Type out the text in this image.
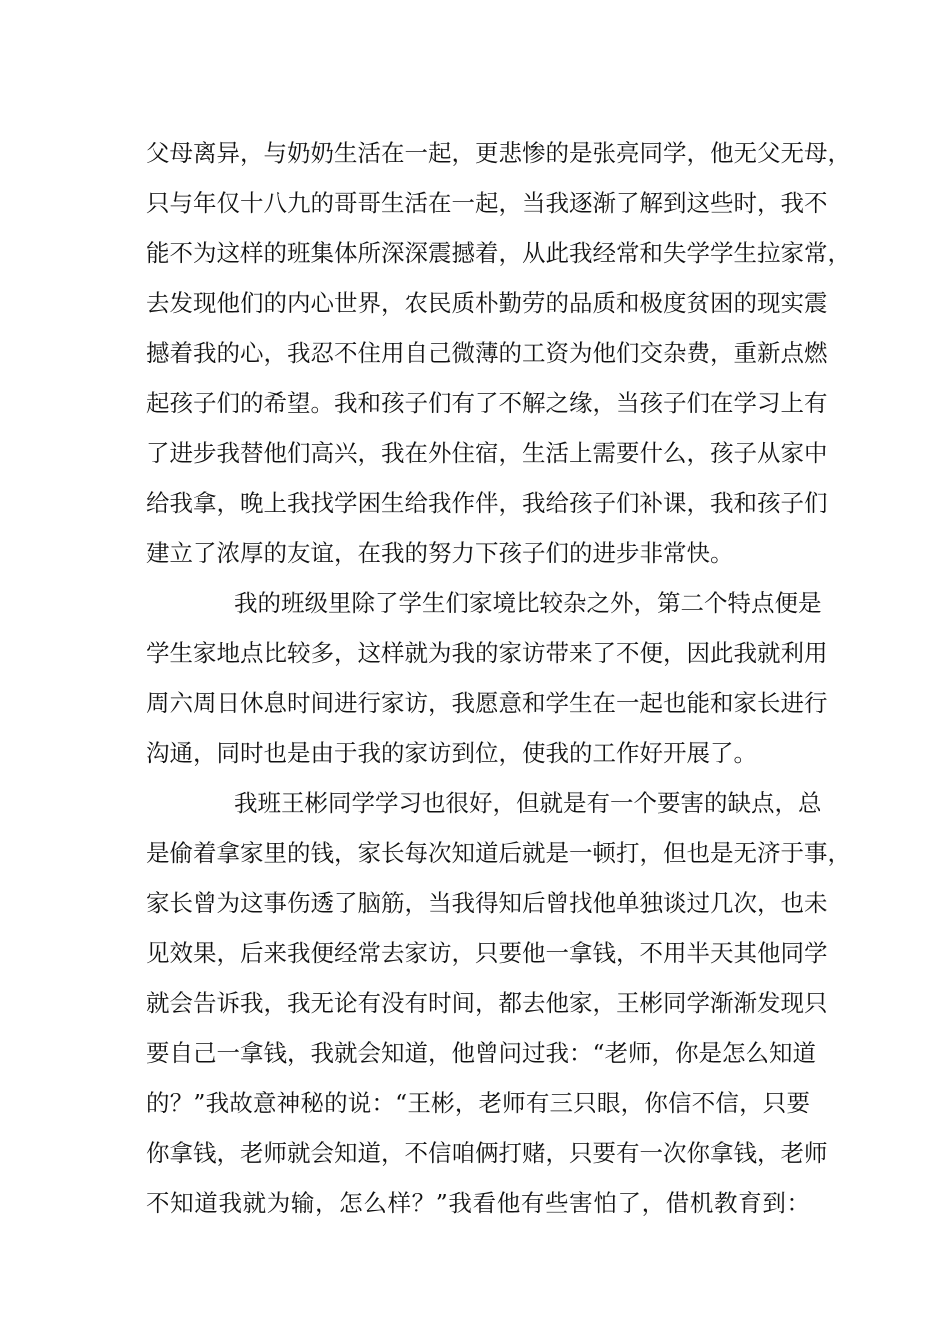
父母离异，与奶奶生活在一起，更悲惨的是张亮同学，他无父无母，
只与年仅十八九的哥哥生活在一起，当我逐渐了解到这些时，我不
能不为这样的班集体所深深震撼着，从此我经常和失学学生拉家常，
去发现他们的内心世界，农民质朴勤劳的品质和极度贫困的现实震
撼着我的心，我忍不住用自己微薄的工资为他们交杂费，重新点燃
起孩子们的希望。我和孩子们有了不解之缘，当孩子们在学习上有
了进步我替他们高兴，我在外住宿，生活上需要什么，孩子从家中
给我拿，晚上我找学困生给我作伴，我给孩子们补课，我和孩子们
建立了浓厚的友谊，在我的努力下孩子们的进步非常快。
我的班级里除了学生们家境比较杂之外，第二个特点便是
学生家地点比较多，这样就为我的家访带来了不便，因此我就利用
周六周日休息时间进行家访，我愿意和学生在一起也能和家长进行
沟通，同时也是由于我的家访到位，使我的工作好开展了。
我班王彬同学学习也很好，但就是有一个要害的缺点，总
是偷着拿家里的钱，家长每次知道后就是一顿打，但也是无济于事，
家长曾为这事伤透了脑筋，当我得知后曾找他单独谈过几次，也未
见效果，后来我便经常去家访，只要他一拿钱，不用半天其他同学
就会告诉我，我无论有没有时间，都去他家，王彬同学渐渐发现只
要自己一拿钱，我就会知道，他曾问过我：“老师，你是怎么知道
的？”我故意神秘的说：“王彬，老师有三只眼，你信不信，只要
你拿钱，老师就会知道，不信咱俩打赌，只要有一次你拿钱，老师
不知道我就为输，怎么样？”我看他有些害怕了，借机教育到：
